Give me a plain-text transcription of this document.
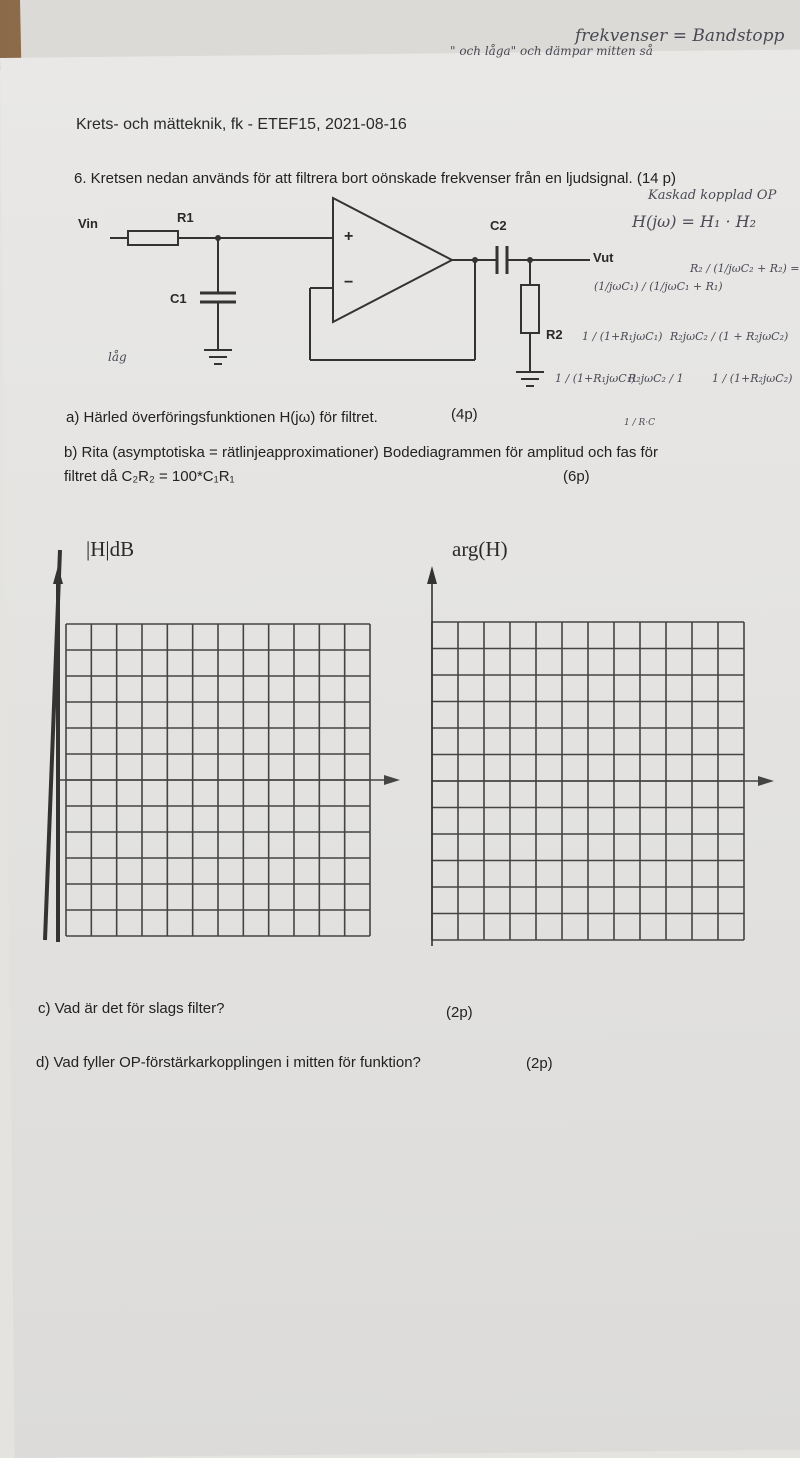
frekvenser = Bandstopp
" och låga" och dämpar mitten så
Krets- och mätteknik, fk - ETEF15, 2021-08-16
6. Kretsen nedan används för att filtrera bort oönskade frekvenser från en ljudsignal. (14 p)
Vin	R1
C1
C2
R2
Vut
+
−
låg
Kaskad kopplad OP
H(jω) = H₁ · H₂
(1/jωC₁) / (1/jωC₁ + R₁)
R₂ / (1/jωC₂ + R₂) =
1 / (1+R₁jωC₁) R₂jωC₂ / (1 + R₂jωC₂)
1 / (1+R₁jωC₁)
R₂jωC₂ / 1	1 / (1+R₂jωC₂)
1 / R·C
a) Härled överföringsfunktionen H(jω) för filtret.	(4p)
b) Rita (asymptotiska = rätlinjeapproximationer) Bodediagrammen för amplitud och fas för
filtret då C₂R₂ = 100*C₁R₁	(6p)
|H|dB	arg(H)
c) Vad är det för slags filter?	(2p)
d) Vad fyller OP-förstärkarkopplingen i mitten för funktion?	(2p)
